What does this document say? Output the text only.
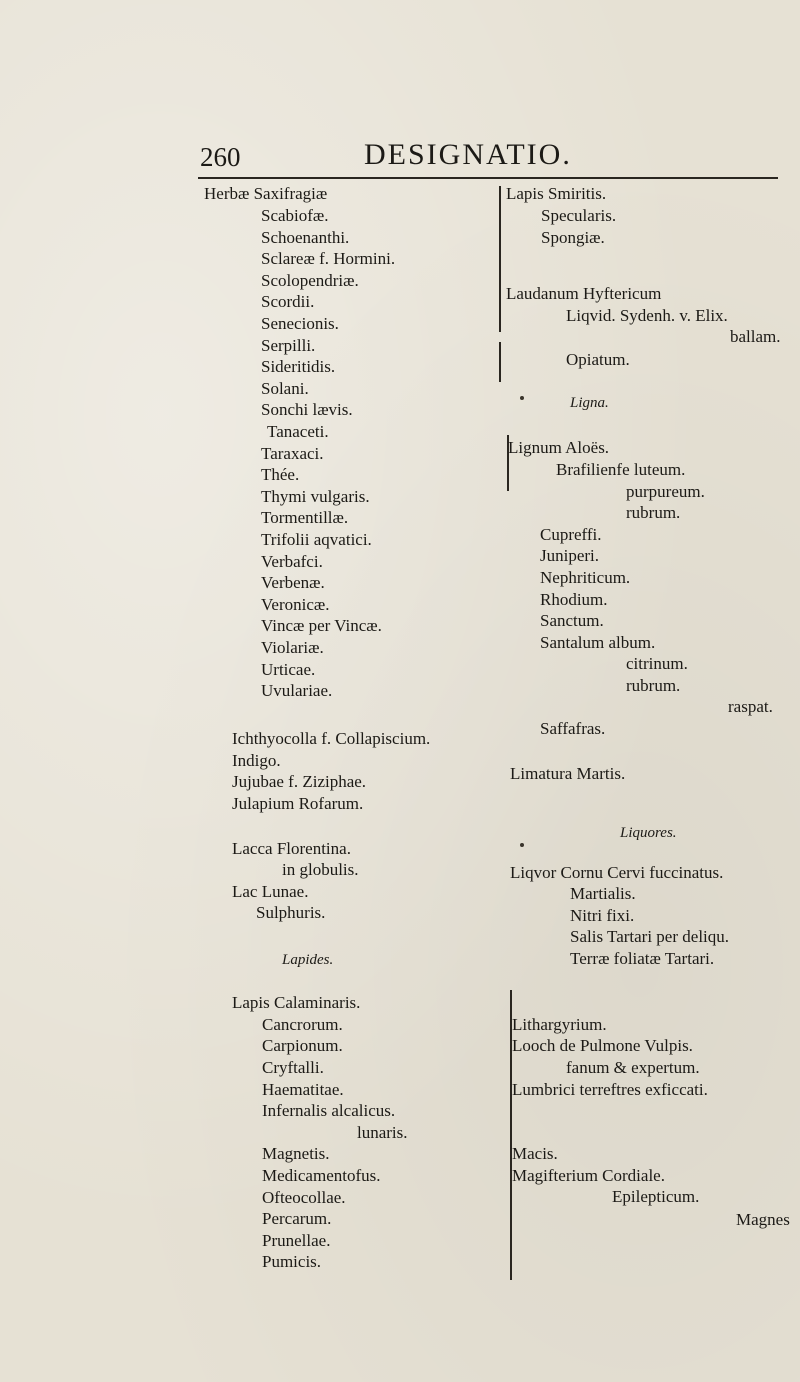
260	DESIGNATIO.
Herbæ Saxifragiæ
Scabiofæ.
Schoenanthi.
Sclareæ f. Hormini.
Scolopendriæ.
Scordii.
Senecionis.
Serpilli.
Sideritidis.
Solani.
Sonchi lævis.
Tanaceti.
Taraxaci.
Thée.
Thymi vulgaris.
Tormentillæ.
Trifolii aqvatici.
Verbafci.
Verbenæ.
Veronicæ.
Vincæ per Vincæ.
Violariæ.
Urticae.
Uvulariae.
Ichthyocolla f. Collapiscium.
Indigo.
Jujubae f. Ziziphae.
Julapium Rofarum.
Lacca Florentina.
in globulis.
Lac Lunae.
Sulphuris.
Lapides.
Lapis Calaminaris.
Cancrorum.
Carpionum.
Cryftalli.
Haematitae.
Infernalis alcalicus.
lunaris.
Magnetis.
Medicamentofus.
Ofteocollae.
Percarum.
Prunellae.
Pumicis.
Lapis Smiritis.
Specularis.
Spongiæ.
Laudanum Hyftericum
Liqvid. Sydenh. v. Elix.
ballam.
Opiatum.
Ligna.
Lignum Aloës.
Brafilienfe luteum.
purpureum.
rubrum.
Cupreffi.
Juniperi.
Nephriticum.
Rhodium.
Sanctum.
Santalum album.
citrinum.
rubrum.
raspat.
Saffafras.
Limatura Martis.
Liquores.
Liqvor Cornu Cervi fuccinatus.
Martialis.
Nitri fixi.
Salis Tartari per deliqu.
Terræ foliatæ Tartari.
Lithargyrium.
Looch de Pulmone Vulpis.
fanum & expertum.
Lumbrici terreftres exficcati.
Macis.
Magifterium Cordiale.
Epilepticum.
Magnes
